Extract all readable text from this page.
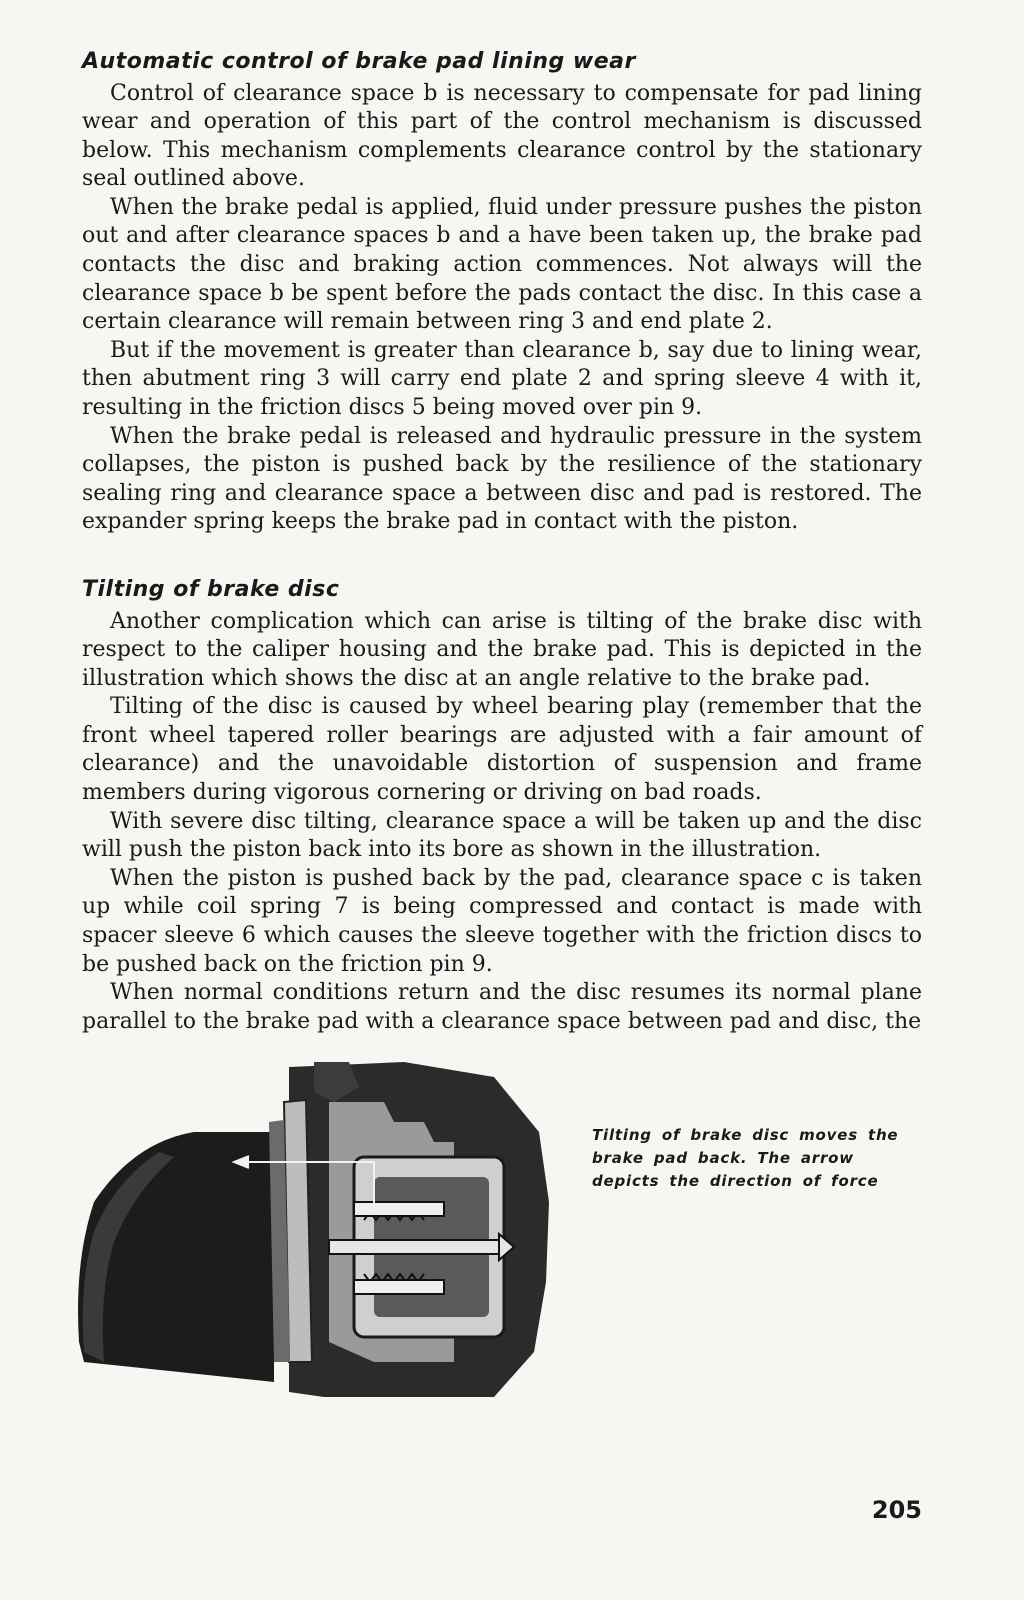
Automatic control of brake pad lining wear

Control of clearance space b is necessary to compensate for pad lining wear and operation of this part of the control mechanism is discussed below. This mechanism complements clearance control by the stationary seal outlined above.

When the brake pedal is applied, fluid under pressure pushes the piston out and after clearance spaces b and a have been taken up, the brake pad contacts the disc and braking action commences. Not always will the clearance space b be spent before the pads contact the disc. In this case a certain clearance will remain between ring 3 and end plate 2.

But if the movement is greater than clearance b, say due to lining wear, then abutment ring 3 will carry end plate 2 and spring sleeve 4 with it, resulting in the friction discs 5 being moved over pin 9.

When the brake pedal is released and hydraulic pressure in the system collapses, the piston is pushed back by the resilience of the stationary sealing ring and clearance space a between disc and pad is restored. The expander spring keeps the brake pad in contact with the piston.

Tilting of brake disc

Another complication which can arise is tilting of the brake disc with respect to the caliper housing and the brake pad. This is depicted in the illustration which shows the disc at an angle relative to the brake pad.

Tilting of the disc is caused by wheel bearing play (remember that the front wheel tapered roller bearings are adjusted with a fair amount of clearance) and the unavoidable distortion of suspension and frame members during vigorous cornering or driving on bad roads.

With severe disc tilting, clearance space a will be taken up and the disc will push the piston back into its bore as shown in the illustration.

When the piston is pushed back by the pad, clearance space c is taken up while coil spring 7 is being compressed and contact is made with spacer sleeve 6 which causes the sleeve together with the friction discs to be pushed back on the friction pin 9.

When normal conditions return and the disc resumes its normal plane parallel to the brake pad with a clearance space between pad and disc, the

Tilting of brake disc moves the brake pad back. The arrow depicts the direction of force
205
